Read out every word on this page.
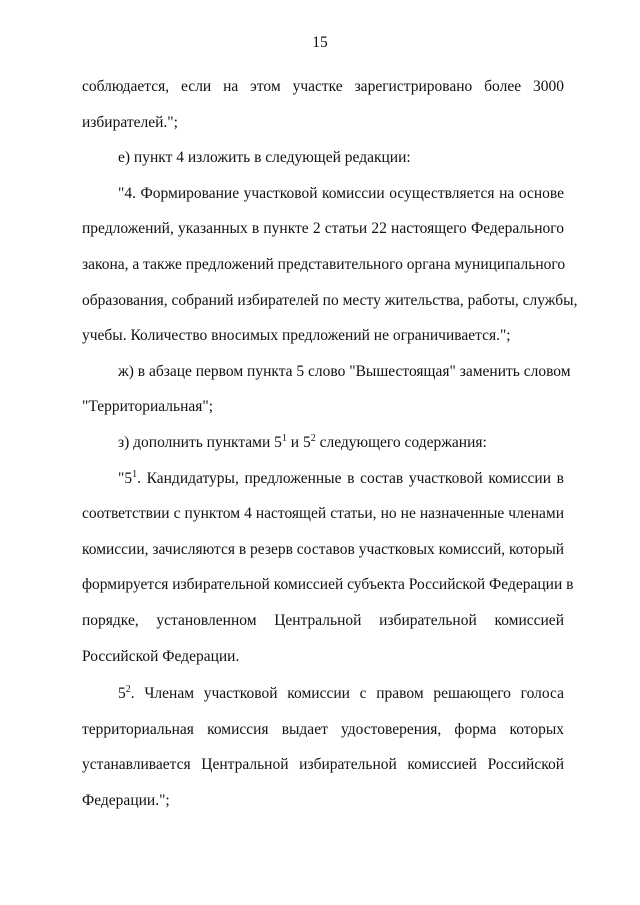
15
соблюдается, если на этом участке зарегистрировано более 3000
избирателей.";
е) пункт 4 изложить в следующей редакции:
"4. Формирование участковой комиссии осуществляется на основе
предложений, указанных в пункте 2 статьи 22 настоящего Федерального
закона, а также предложений представительного органа муниципального
образования, собраний избирателей по месту жительства, работы, службы,
учебы. Количество вносимых предложений не ограничивается.";
ж) в абзаце первом пункта 5 слово "Вышестоящая" заменить словом
"Территориальная";
з) дополнить пунктами $5^1$ и $5^2$ следующего содержания:
"$5^1$. Кандидатуры, предложенные в состав участковой комиссии в
соответствии с пунктом 4 настоящей статьи, но не назначенные членами
комиссии, зачисляются в резерв составов участковых комиссий, который
формируется избирательной комиссией субъекта Российской Федерации в
порядке, установленном Центральной избирательной комиссией
Российской Федерации.
$5^2$. Членам участковой комиссии с правом решающего голоса
территориальная комиссия выдает удостоверения, форма которых
устанавливается Центральной избирательной комиссией Российской
Федерации.";
